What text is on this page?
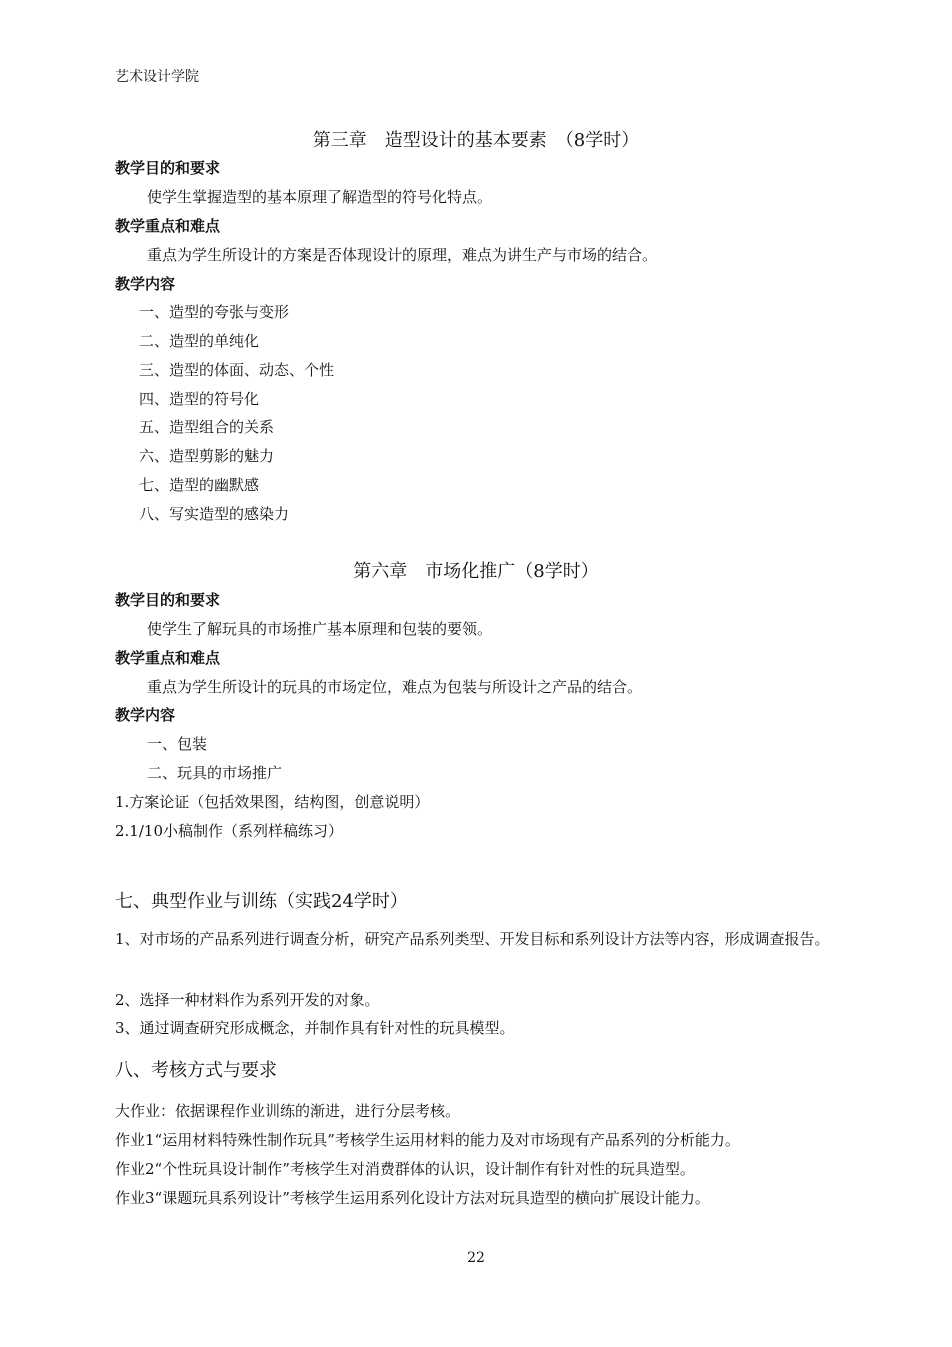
艺术设计学院
第三章　造型设计的基本要素　（8学时）
教学目的和要求
使学生掌握造型的基本原理了解造型的符号化特点。
教学重点和难点
重点为学生所设计的方案是否体现设计的原理，难点为讲生产与市场的结合。
教学内容
一、造型的夸张与变形
二、造型的单纯化
三、造型的体面、动态、个性
四、造型的符号化
五、造型组合的关系
六、造型剪影的魅力
七、造型的幽默感
八、写实造型的感染力
第六章　市场化推广（8学时）
教学目的和要求
使学生了解玩具的市场推广基本原理和包装的要领。
教学重点和难点
重点为学生所设计的玩具的市场定位，难点为包装与所设计之产品的结合。
教学内容
一、包装
二、玩具的市场推广
1.方案论证（包括效果图，结构图，创意说明）
2.1/10小稿制作（系列样稿练习）
七、典型作业与训练（实践24学时）
1、对市场的产品系列进行调查分析，研究产品系列类型、开发目标和系列设计方法等内容，形成调查报告。
2、选择一种材料作为系列开发的对象。
3、通过调查研究形成概念，并制作具有针对性的玩具模型。
八、考核方式与要求
大作业：依据课程作业训练的渐进，进行分层考核。
作业1“运用材料特殊性制作玩具”考核学生运用材料的能力及对市场现有产品系列的分析能力。
作业2“个性玩具设计制作”考核学生对消费群体的认识，设计制作有针对性的玩具造型。
作业3“课题玩具系列设计”考核学生运用系列化设计方法对玩具造型的横向扩展设计能力。
22
